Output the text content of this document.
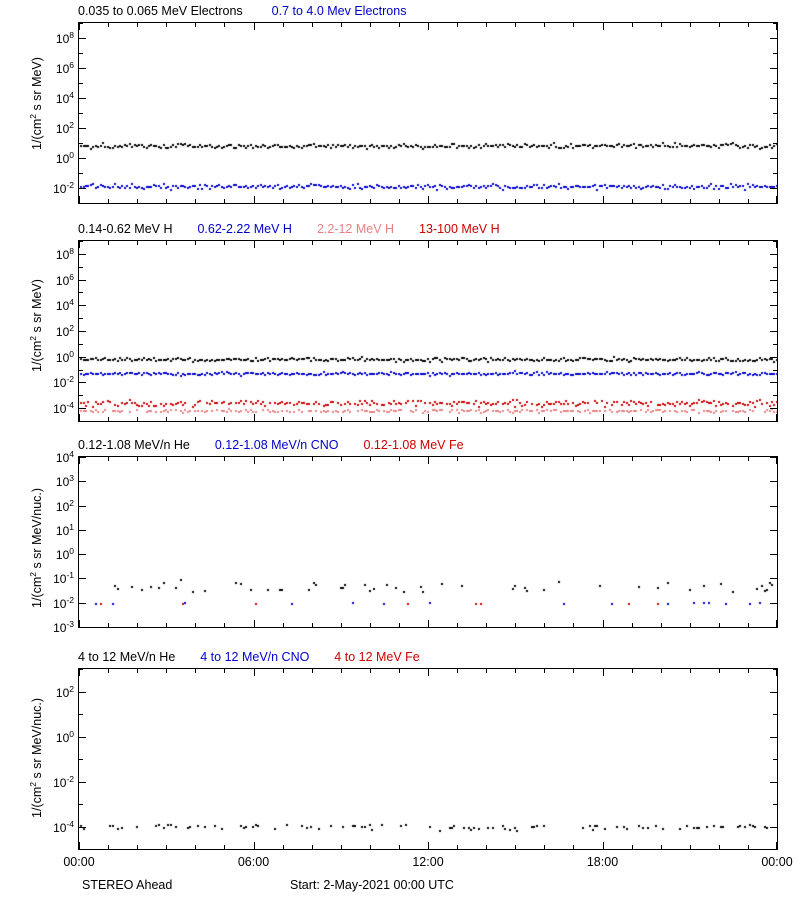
0.035 to 0.065 MeV Electrons 0.7 to 4.0 Mev Electrons
$1/(cm^2$ s sr MeV)
0.14-0.62 MeV H 0.62-2.22 MeV H 2.2-12 MeV H 13-100 MeV H
$1/(cm^2$ s sr MeV)
0.12-1.08 MeV/n He 0.12-1.08 MeV/n CNO 0.12-1.08 MeV Fe
$1/(cm^2$ s sr MeV/nuc.)
4 to 12 MeV/n He 4 to 12 MeV/n CNO 4 to 12 MeV Fe
$1/(cm^2$ s sr MeV/nuc.)
STEREO Ahead	Start: 2-May-2021 00:00 UTC
$10^{-2}$
$10^0$
$10^2$
$10^4$
$10^6$
$10^8$
$10^{-4}$
$10^{-2}$
$10^0$
$10^2$
$10^4$
$10^6$
$10^8$
$10^{-3}$
$10^{-2}$
$10^{-1}$
$10^0$
$10^1$
$10^2$
$10^3$
$10^4$
$10^{-4}$
$10^{-2}$
$10^0$
$10^2$
00:00	06:00	12:00	18:00	00:00
